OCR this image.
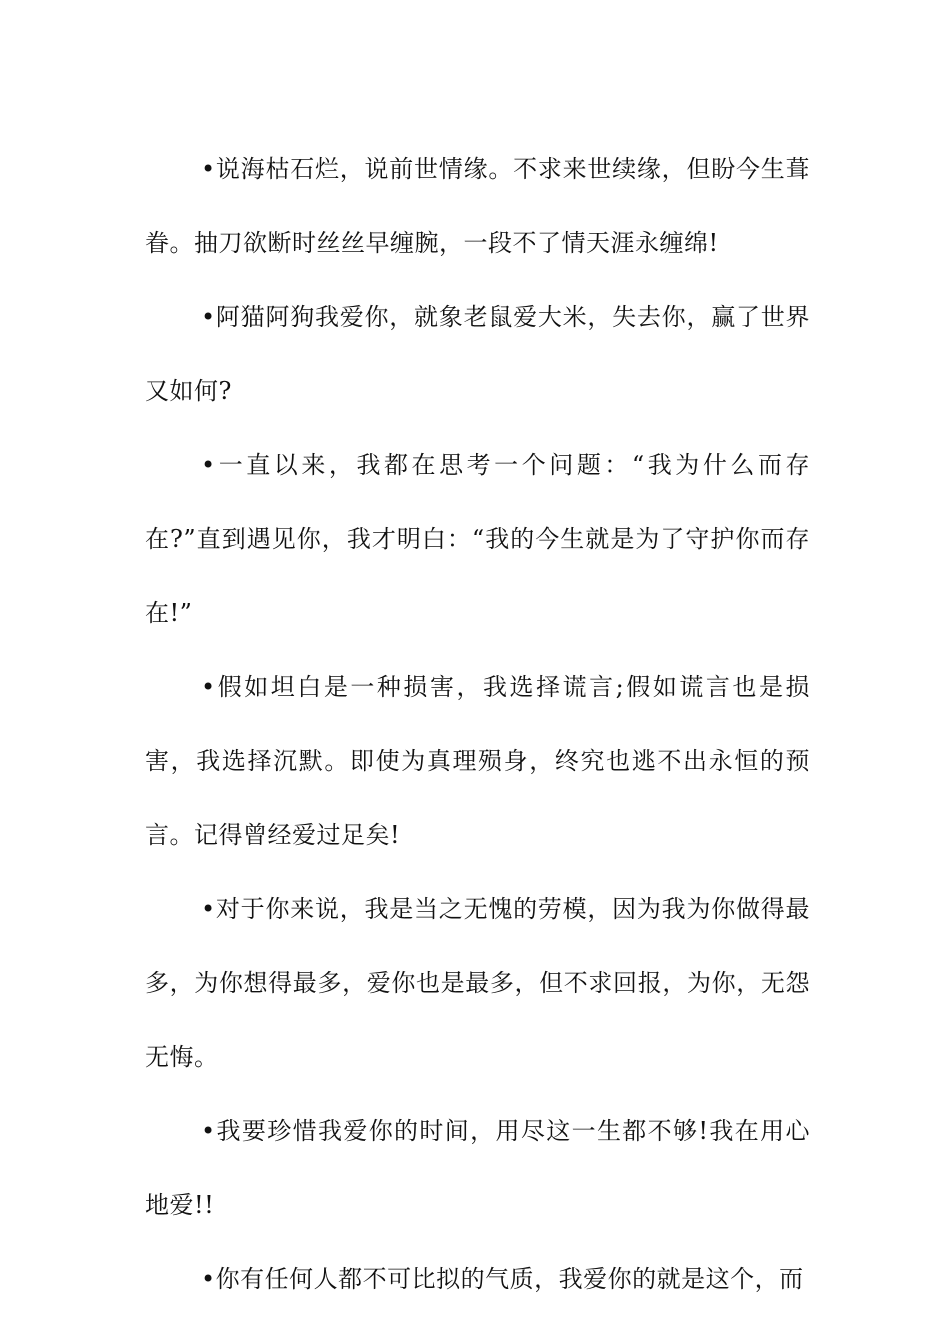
•说海枯石烂，说前世情缘。不求来世续缘，但盼今生葺眷。抽刀欲断时丝丝早缠腕，一段不了情天涯永缠绵!

•阿猫阿狗我爱你，就象老鼠爱大米，失去你，赢了世界又如何?

•一直以来，我都在思考一个问题：“我为什么而存在?”直到遇见你，我才明白：“我的今生就是为了守护你而存在!”

•假如坦白是一种损害，我选择谎言;假如谎言也是损害，我选择沉默。即使为真理殒身，终究也逃不出永恒的预言。记得曾经爱过足矣!

•对于你来说，我是当之无愧的劳模，因为我为你做得最多，为你想得最多，爱你也是最多，但不求回报，为你，无怨无悔。

•我要珍惜我爱你的时间，用尽这一生都不够!我在用心地爱!!

•你有任何人都不可比拟的气质，我爱你的就是这个，而
